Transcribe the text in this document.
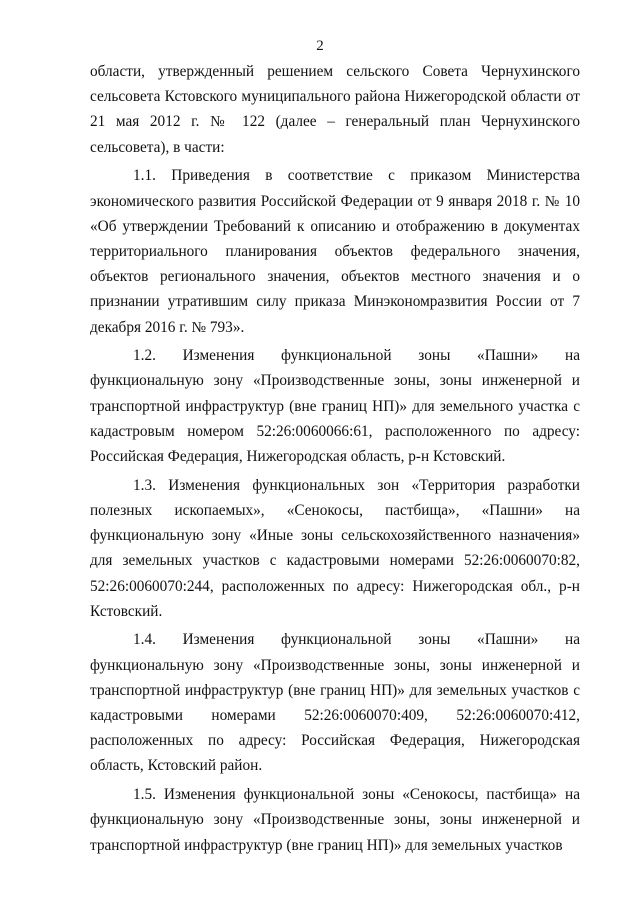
2

области, утвержденный решением сельского Совета Чернухинского сельсовета Кстовского муниципального района Нижегородской области от 21 мая 2012 г. № 122 (далее – генеральный план Чернухинского сельсовета), в части:

1.1. Приведения в соответствие с приказом Министерства экономического развития Российской Федерации от 9 января 2018 г. № 10 «Об утверждении Требований к описанию и отображению в документах территориального планирования объектов федерального значения, объектов регионального значения, объектов местного значения и о признании утратившим силу приказа Минэкономразвития России от 7 декабря 2016 г. № 793».

1.2. Изменения функциональной зоны «Пашни» на функциональную зону «Производственные зоны, зоны инженерной и транспортной инфраструктур (вне границ НП)» для земельного участка с кадастровым номером 52:26:0060066:61, расположенного по адресу: Российская Федерация, Нижегородская область, р-н Кстовский.

1.3. Изменения функциональных зон «Территория разработки полезных ископаемых», «Сенокосы, пастбища», «Пашни» на функциональную зону «Иные зоны сельскохозяйственного назначения» для земельных участков с кадастровыми номерами 52:26:0060070:82, 52:26:0060070:244, расположенных по адресу: Нижегородская обл., р-н Кстовский.

1.4. Изменения функциональной зоны «Пашни» на функциональную зону «Производственные зоны, зоны инженерной и транспортной инфраструктур (вне границ НП)» для земельных участков с кадастровыми номерами 52:26:0060070:409, 52:26:0060070:412, расположенных по адресу: Российская Федерация, Нижегородская область, Кстовский район.

1.5. Изменения функциональной зоны «Сенокосы, пастбища» на функциональную зону «Производственные зоны, зоны инженерной и транспортной инфраструктур (вне границ НП)» для земельных участков
